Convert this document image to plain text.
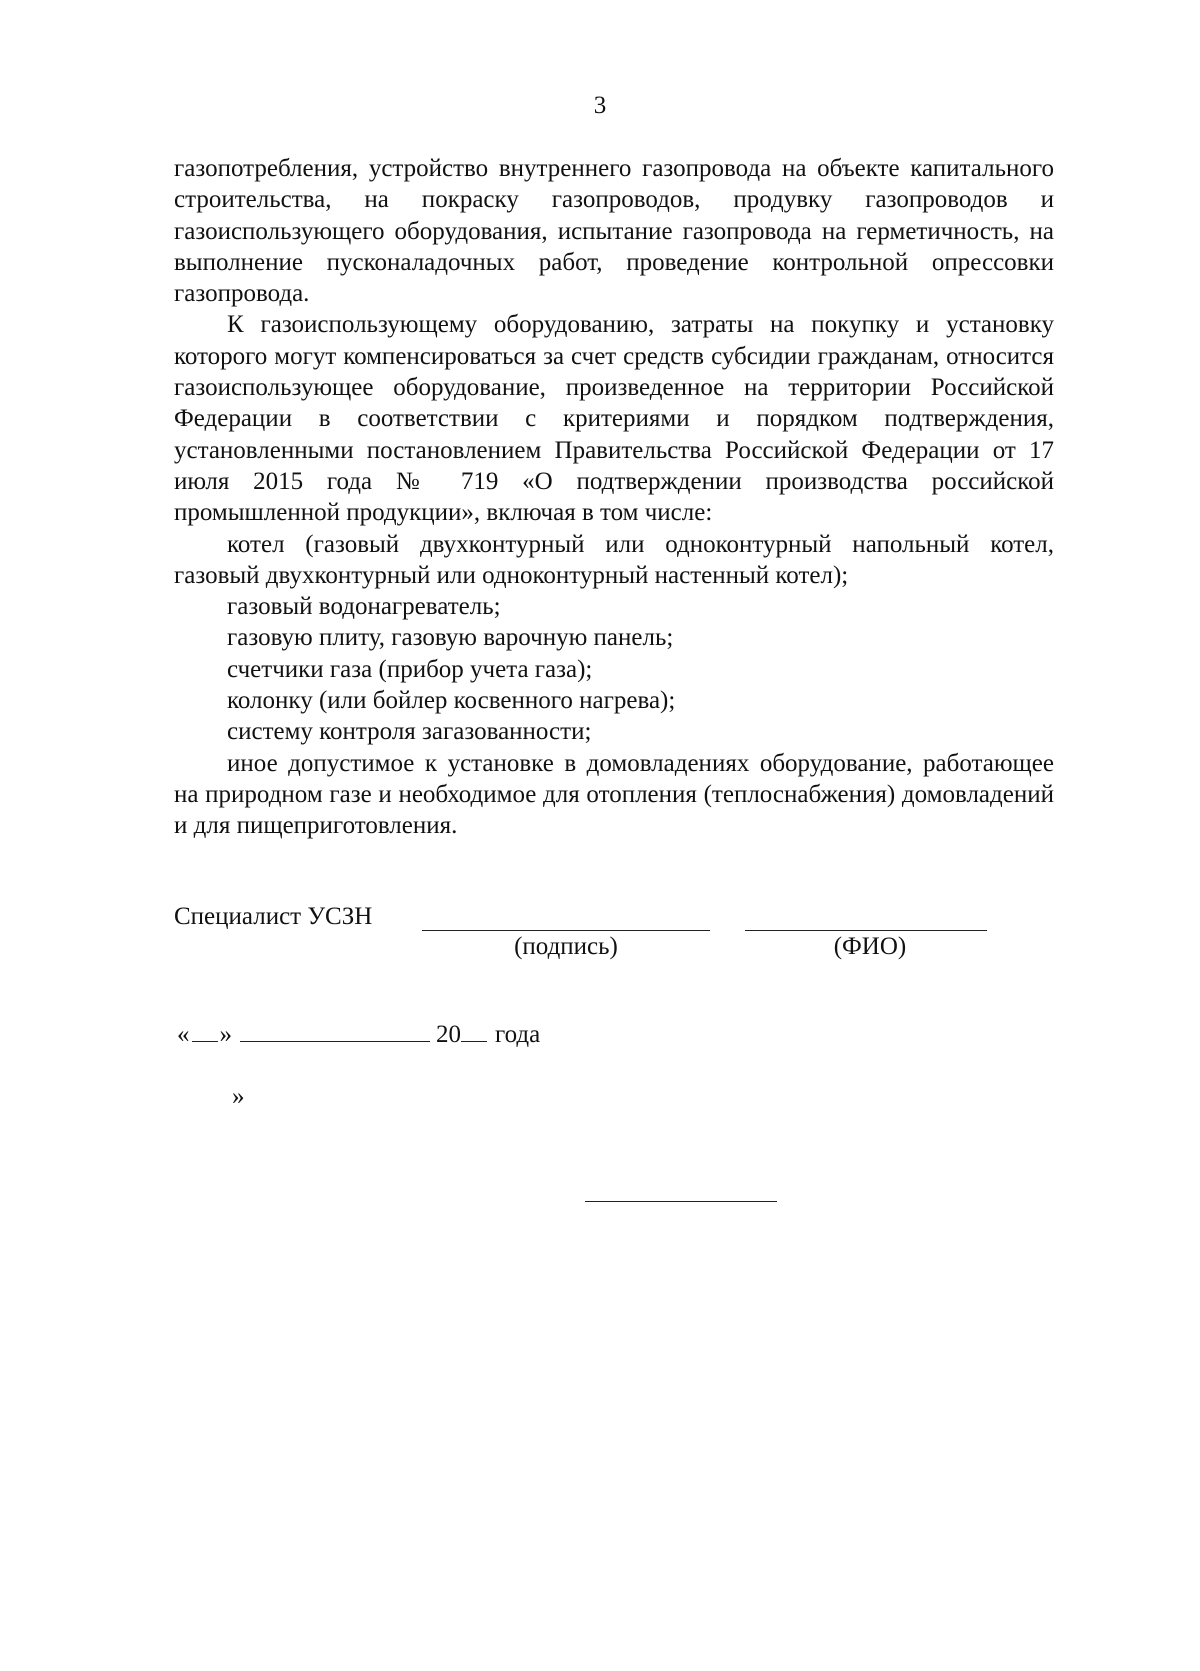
3

газопотребления, устройство внутреннего газопровода на объекте капитального строительства, на покраску газопроводов, продувку газопроводов и газоиспользующего оборудования, испытание газопровода на герметичность, на выполнение пусконаладочных работ, проведение контрольной опрессовки газопровода.

К газоиспользующему оборудованию, затраты на покупку и установку которого могут компенсироваться за счет средств субсидии гражданам, относится газоиспользующее оборудование, произведенное на территории Российской Федерации в соответствии с критериями и порядком подтверждения, установленными постановлением Правительства Российской Федерации от 17 июля 2015 года № 719 «О подтверждении производства российской промышленной продукции», включая в том числе:

котел (газовый двухконтурный или одноконтурный напольный котел, газовый двухконтурный или одноконтурный настенный котел);

газовый водонагреватель;

газовую плиту, газовую варочную панель;

счетчики газа (прибор учета газа);

колонку (или бойлер косвенного нагрева);

систему контроля загазованности;

иное допустимое к установке в домовладениях оборудование, работающее на природном газе и необходимое для отопления (теплоснабжения) домовладений и для пищеприготовления.

Специалист УСЗН
(подпись)	(ФИО)
« »	20 года
»
